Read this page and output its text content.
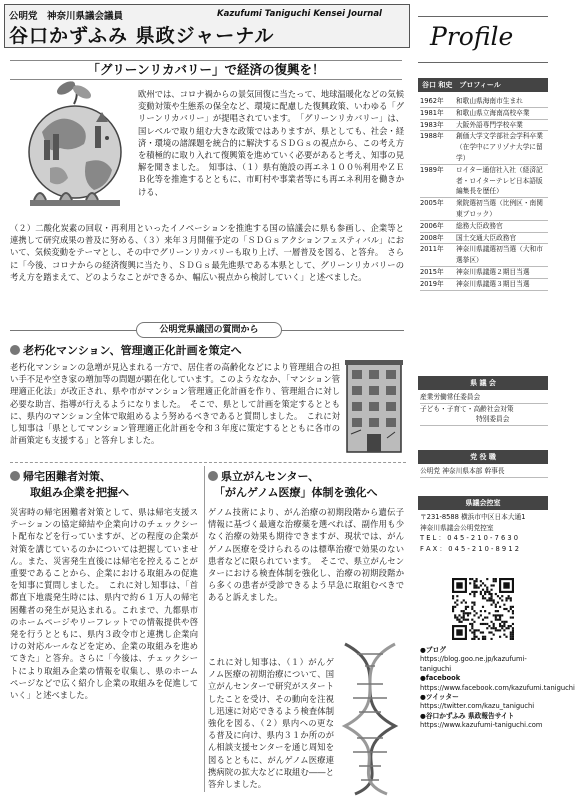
公明党　神奈川県議会議員	Kazufumi Taniguchi Kensei Journal
谷口かずふみ 県政ジャーナル	Profile
谷口 和史　プロフィール
1962年	和歌山県海南市生まれ
1981年	和歌山県立海南高校卒業
1983年	大阪外語専門学校卒業
1988年	創価大学文学部社会学科卒業（在学中にアリゾナ大学に留学）
1989年	ロイター通信社入社（経済記者・ロイターテレビ日本語版編集長を歴任）
2005年	衆院選初当選（比例区・南関東ブロック）
2006年	総務大臣政務官
2008年	国土交通大臣政務官
2011年	神奈川県議選初当選（大和市選挙区）
2015年	神奈川県議選２期目当選
2019年	神奈川県議選３期目当選
「グリーンリカバリー」で経済の復興を！
欧州では、コロナ禍からの景気回復に当たって、地球温暖化などの気候変動対策や生態系の保全など、環境に配慮した復興政策、いわゆる「グリーンリカバリー」が提唱されています。　「グリーンリカバリー」は、国レベルで取り組む大きな政策ではありますが、県としても、社会・経済・環境の諸課題を統合的に解決するＳＤＧｓの視点から、この考え方を積極的に取り入れて復興策を進めていく必要があると考え、知事の見解を聞きました。　知事は、（１）県有施設の再エネ１００％利用やＺＥＢ化等を推進するとともに、市町村や事業者等にも再エネ利用を働きかける、
（２）二酸化炭素の回収・再利用といったイノベーションを推進する国の協議会に県も参画し、企業等と連携して研究成果の普及に努める、（３）来年３月開催予定の「ＳＤＧｓアクションフェスティバル」において、気候変動をテーマとし、その中でグリーンリカバリーも取り上げ、一層普及を図る、と答弁。　さらに「今後、コロナからの経済復興に当たり、ＳＤＧｓ最先進県である本県として、グリーンリカバリーの考え方を踏まえて、どのようなことができるか、幅広い視点から検討していく」と述べました。
公明党県議団の質問から
老朽化マンション、管理適正化計画を策定へ
老朽化マンションの急増が見込まれる一方で、居住者の高齢化などにより管理組合の担い手不足や空き家の増加等の問題が顕在化しています。このようななか、「マンション管理適正化法」が改正され、県や市がマンション管理適正化計画を作り、管理組合に対し必要な助言、指導が行えるようになりました。　そこで、県として計画を策定するとともに、県内のマンション全体で取組めるよう努めるべきであると質問しました。　これに対し知事は「県としてマンション管理適正化計画を令和３年度に策定するとともに各市の計画策定も支援する」と答弁しました。
帰宅困難者対策、
取組み企業を把握へ
災害時の帰宅困難者対策として、県は帰宅支援ステーションの協定締結や企業向けのチェックシート配布などを行っていますが、どの程度の企業が対策を講じているのかについては把握していません。また、災害発生直後には帰宅を控えることが重要であることから、企業における取組みの促進を知事に質問しました。　これに対し知事は、「首都直下地震発生時には、県内で約６１万人の帰宅困難者の発生が見込まれる。これまで、九都県市のホームページやリーフレットでの情報提供や啓発を行うとともに、県内３政令市と連携し企業向けの対応ルールなどを定め、企業の取組みを進めてきた」と答弁。さらに「今後は、チェックシートにより取組み企業の情報を収集し、県のホームページなどで広く紹介し企業の取組みを促進していく」と述べました。
県立がんセンター、
「がんゲノム医療」体制を強化へ
ゲノム技術により、がん治療の初期段階から遺伝子情報に基づく最適な治療薬を選べれば、副作用も少なく治療の効果も期待できますが、現状では、がんゲノム医療を受けられるのは標準治療で効果のない患者などに限られています。　そこで、県立がんセンターにおける検査体制を強化し、治療の初期段階から多くの患者が受診できるよう早急に取組むべきであると訴えました。
これに対し知事は、（１）がんゲノム医療の初期治療について、国立がんセンターで研究がスタートしたことを受け、その動向を注視し迅速に対応できるよう検査体制強化を図る、（２）県内への更なる普及に向け、県内３１か所のがん相談支援センターを通じ周知を図るとともに、がんゲノム医療連携病院の拡大などに取組む――と答弁しました。
県 議 会
産業労働常任委員会
子ども・子育て・高齢社会対策
特別委員会
党 役 職
公明党 神奈川県本部 幹事長
県議会控室
〒231-8588 横浜市中区日本大通1
神奈川県議会公明党控室
T E L ： 0 4 5 - 2 1 0 - 7 6 3 0
F A X ： 0 4 5 - 2 1 0 - 8 9 1 2
●ブログ
https://blog.goo.ne.jp/kazufumi-taniguchi
●facebook
https://www.facebook.com/kazufumi.taniguchi
●ツイッター
https://twitter.com/kazu_taniguchi
●谷口かずふみ 県政報告サイト
https://www.kazufumi-taniguchi.com
